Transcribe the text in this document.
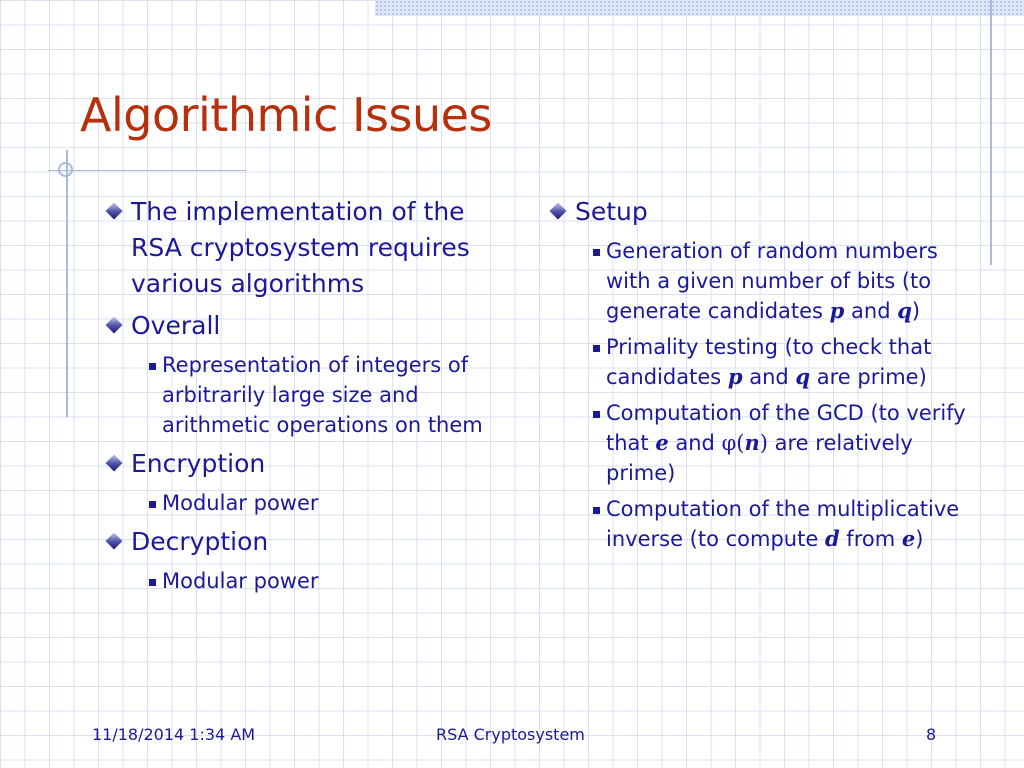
Algorithmic Issues
The implementation of the RSA cryptosystem requires various algorithms
Overall
Representation of integers of arbitrarily large size and arithmetic operations on them
Encryption
Modular power
Decryption
Modular power
Setup
Generation of random numbers with a given number of bits (to generate candidates p and q)
Primality testing (to check that candidates p and q are prime)
Computation of the GCD (to verify that e and φ(n) are relatively prime)
Computation of the multiplicative inverse (to compute d from e)
11/18/2014 1:34 AM	RSA Cryptosystem	8
